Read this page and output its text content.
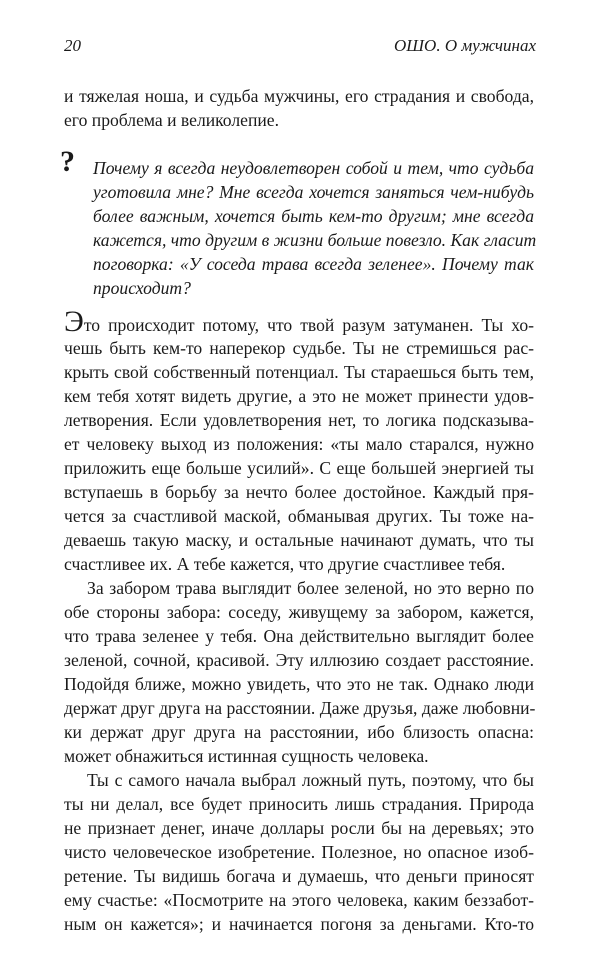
20	ОШО. О мужчинах
и тяжелая ноша, и судьба мужчины, его страдания и свобода,
его проблема и великолепие.
? Почему я всегда неудовлетворен собой и тем, что судьба
уготовила мне? Мне всегда хочется заняться чем-нибудь
более важным, хочется быть кем-то другим; мне всегда
кажется, что другим в жизни больше повезло. Как гласит
поговорка: «У соседа трава всегда зеленее». Почему так
происходит?
Это происходит потому, что твой разум затуманен. Ты хо-
чешь быть кем-то наперекор судьбе. Ты не стремишься рас-
крыть свой собственный потенциал. Ты стараешься быть тем,
кем тебя хотят видеть другие, а это не может принести удов-
летворения. Если удовлетворения нет, то логика подсказыва-
ет человеку выход из положения: «ты мало старался, нужно
приложить еще больше усилий». С еще большей энергией ты
вступаешь в борьбу за нечто более достойное. Каждый пря-
чется за счастливой маской, обманывая других. Ты тоже на-
деваешь такую маску, и остальные начинают думать, что ты
счастливее их. А тебе кажется, что другие счастливее тебя.
За забором трава выглядит более зеленой, но это верно по
обе стороны забора: соседу, живущему за забором, кажется,
что трава зеленее у тебя. Она действительно выглядит более
зеленой, сочной, красивой. Эту иллюзию создает расстояние.
Подойдя ближе, можно увидеть, что это не так. Однако люди
держат друг друга на расстоянии. Даже друзья, даже любовни-
ки держат друг друга на расстоянии, ибо близость опасна:
может обнажиться истинная сущность человека.
Ты с самого начала выбрал ложный путь, поэтому, что бы
ты ни делал, все будет приносить лишь страдания. Природа
не признает денег, иначе доллары росли бы на деревьях; это
чисто человеческое изобретение. Полезное, но опасное изоб-
ретение. Ты видишь богача и думаешь, что деньги приносят
ему счастье: «Посмотрите на этого человека, каким беззабот-
ным он кажется»; и начинается погоня за деньгами. Кто-то
